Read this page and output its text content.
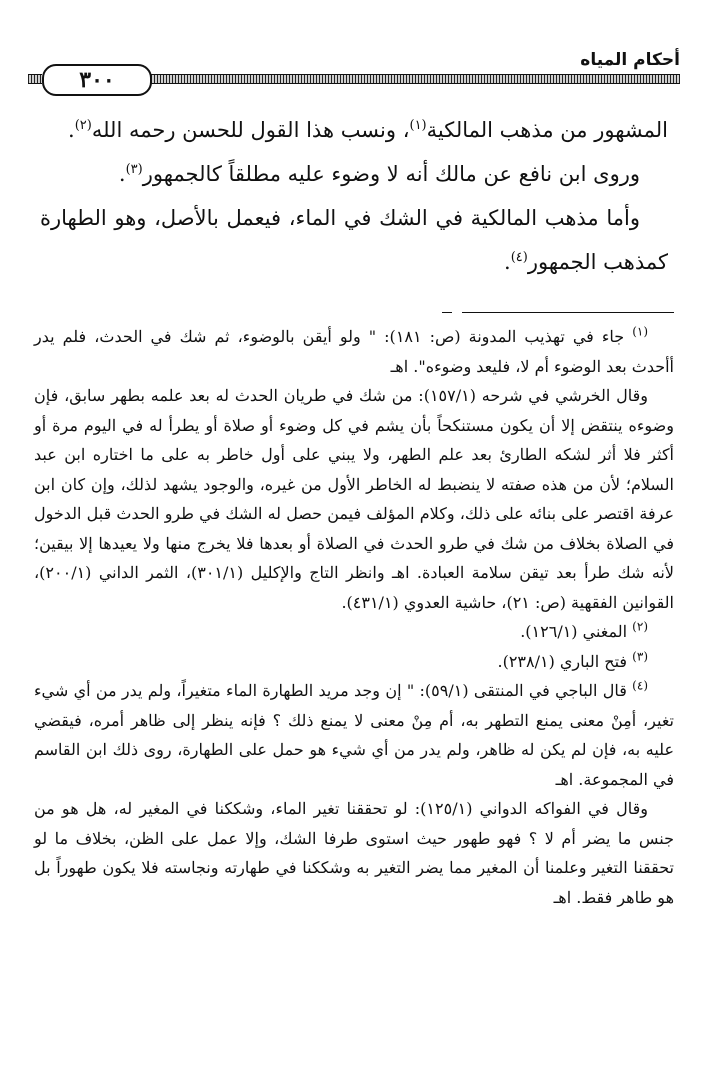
أحكام المياه
٣٠٠

المشهور من مذهب المالكية$^{(١)}$، ونسب هذا القول للحسن رحمه الله$^{(٢)}$.

وروى ابن نافع عن مالك أنه لا وضوء عليه مطلقاً كالجمهور$^{(٣)}$.

وأما مذهب المالكية في الشك في الماء، فيعمل بالأصل، وهو الطهارة كمذهب الجمهور$^{(٤)}$.

$^{(١)}$ جاء في تهذيب المدونة (ص: ١٨١): " ولو أيقن بالوضوء، ثم شك في الحدث، فلم يدر أأحدث بعد الوضوء أم لا، فليعد وضوءه". اهـ

وقال الخرشي في شرحه (١٥٧/١): من شك في طريان الحدث له بعد علمه بطهر سابق، فإن وضوءه ينتقض إلا أن يكون مستنكحاً بأن يشم في كل وضوء أو صلاة أو يطرأ له في اليوم مرة أو أكثر فلا أثر لشكه الطارئ بعد علم الطهر، ولا يبني على أول خاطر به على ما اختاره ابن عبد السلام؛ لأن من هذه صفته لا ينضبط له الخاطر الأول من غيره، والوجود يشهد لذلك، وإن كان ابن عرفة اقتصر على بنائه على ذلك، وكلام المؤلف فيمن حصل له الشك في طرو الحدث قبل الدخول في الصلاة بخلاف من شك في طرو الحدث في الصلاة أو بعدها فلا يخرج منها ولا يعيدها إلا بيقين؛ لأنه شك طرأ بعد تيقن سلامة العبادة. اهـ وانظر التاج والإكليل (٣٠١/١)، الثمر الداني (٢٠٠/١)، القوانين الفقهية (ص: ٢١)، حاشية العدوي (٤٣١/١).

$^{(٢)}$ المغني (١٢٦/١).

$^{(٣)}$ فتح الباري (٢٣٨/١).

$^{(٤)}$ قال الباجي في المنتقى (٥٩/١): " إن وجد مريد الطهارة الماء متغيراً، ولم يدر من أي شيء تغير، أمِنْ معنى يمنع التطهر به، أم مِنْ معنى لا يمنع ذلك ؟ فإنه ينظر إلى ظاهر أمره، فيقضي عليه به، فإن لم يكن له ظاهر، ولم يدر من أي شيء هو حمل على الطهارة، روى ذلك ابن القاسم في المجموعة. اهـ

وقال في الفواكه الدواني (١٢٥/١): لو تحققنا تغير الماء، وشككنا في المغير له، هل هو من جنس ما يضر أم لا ؟ فهو طهور حيث استوى طرفا الشك، وإلا عمل على الظن، بخلاف ما لو تحققنا التغير وعلمنا أن المغير مما يضر التغير به وشككنا في طهارته ونجاسته فلا يكون طهوراً بل هو طاهر فقط. اهـ
